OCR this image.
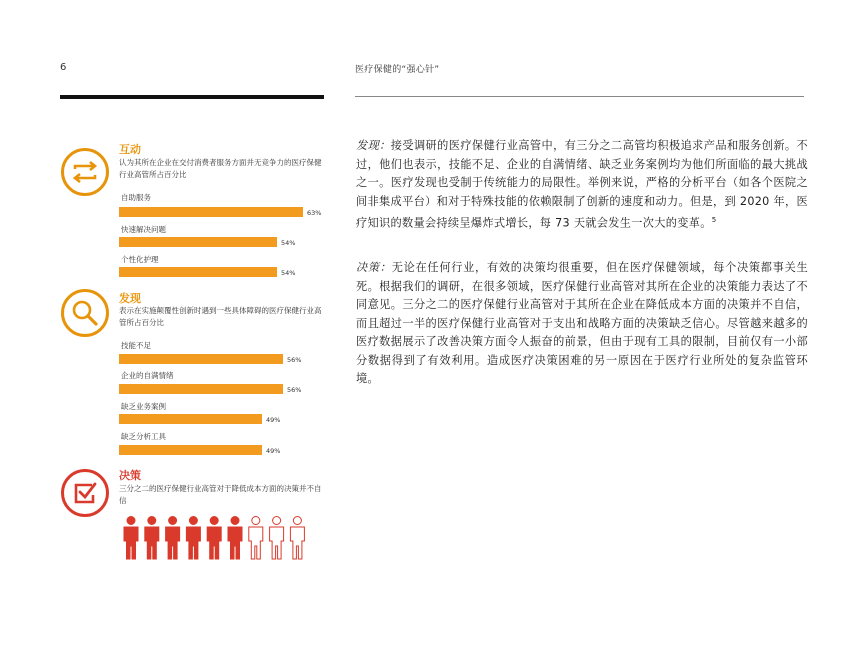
6	医疗保健的“强心针”
互动
认为其所在企业在交付消费者服务方面并无竞争力的医疗保健行业高管所占百分比
自助服务
63%
快速解决问题
54%
个性化护理
54%
发现
表示在实施颠覆性创新时遇到一些具体障碍的医疗保健行业高管所占百分比
技能不足
56%
企业的自满情绪
56%
缺乏业务案例
49%
缺乏分析工具
49%
决策
三分之二的医疗保健行业高管对于降低成本方面的决策并不自信
发现：接受调研的医疗保健行业高管中，有三分之二高管均积极追求产品和服务创新。不过，他们也表示，技能不足、企业的自满情绪、缺乏业务案例均为他们所面临的最大挑战之一。医疗发现也受制于传统能力的局限性。举例来说，严格的分析平台（如各个医院之间非集成平台）和对于特殊技能的依赖限制了创新的速度和动力。但是，到 2020 年，医疗知识的数量会持续呈爆炸式增长，每 73 天就会发生一次大的变革。$^5$
决策：无论在任何行业，有效的决策均很重要，但在医疗保健领域，每个决策都事关生死。根据我们的调研，在很多领域，医疗保健行业高管对其所在企业的决策能力表达了不同意见。三分之二的医疗保健行业高管对于其所在企业在降低成本方面的决策并不自信，而且超过一半的医疗保健行业高管对于支出和战略方面的决策缺乏信心。尽管越来越多的医疗数据展示了改善决策方面令人振奋的前景，但由于现有工具的限制，目前仅有一小部分数据得到了有效利用。造成医疗决策困难的另一原因在于医疗行业所处的复杂监管环境。
